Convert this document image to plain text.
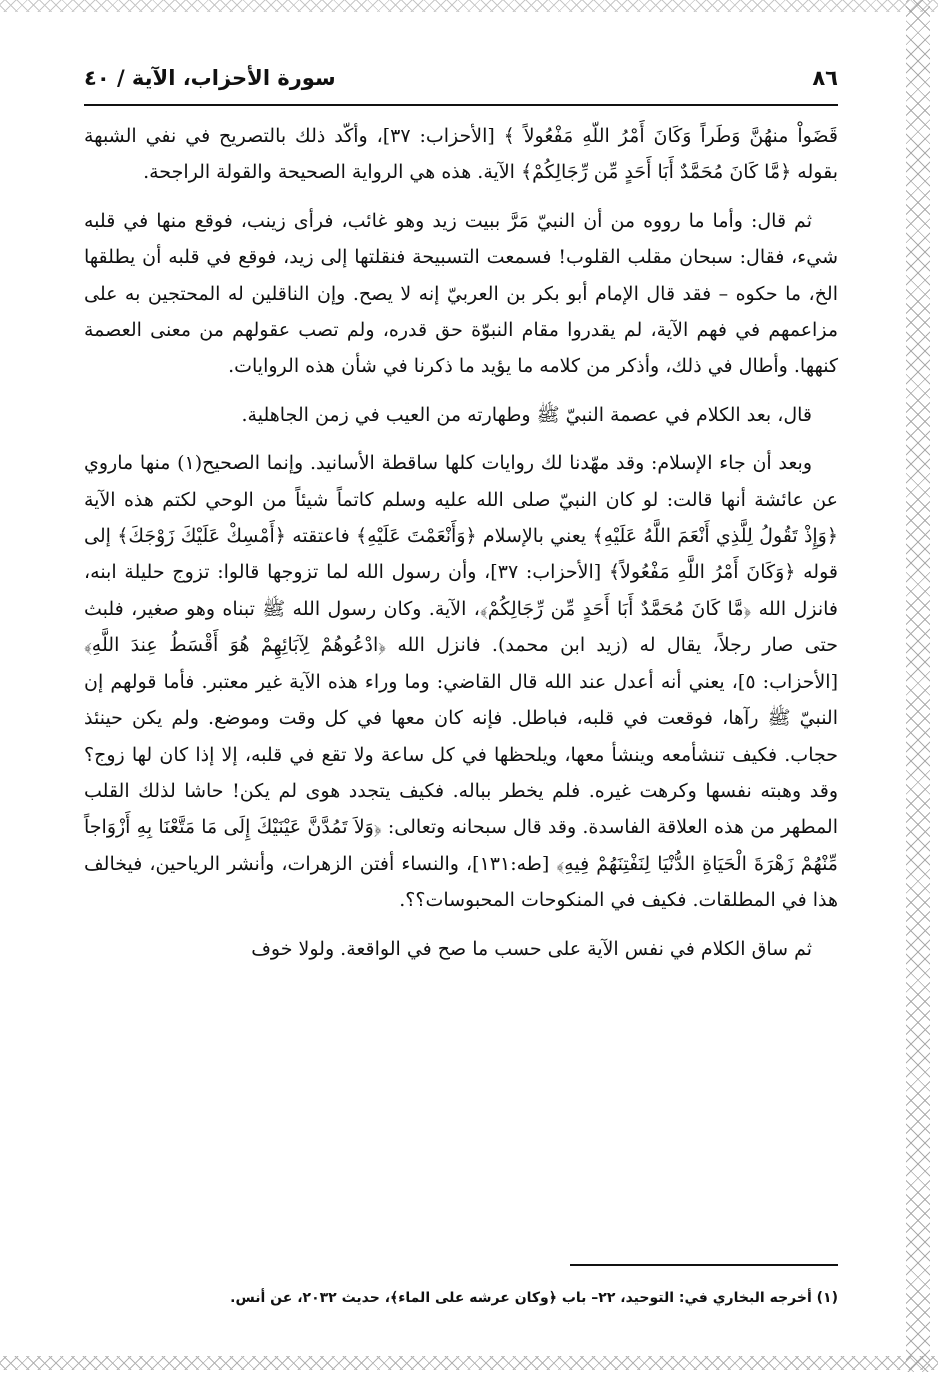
٨٦
سورة الأحزاب، الآية / ٤٠

قَضَواْ منهُنَّ وَطَراً وَكَانَ أَمْرُ اللّهِ مَفْعُولاً ﴾ [الأحزاب: ٣٧]، وأكّد ذلك بالتصريح في نفي الشبهة بقوله ﴿مَّا كَانَ مُحَمَّدٌ أَبَا أَحَدٍ مِّن رِّجَالِكُمْ﴾ الآية. هذه هي الرواية الصحيحة والقولة الراجحة.

ثم قال: وأما ما رووه من أن النبيّ مَرَّ ببيت زيد وهو غائب، فرأى زينب، فوقع منها في قلبه شيء، فقال: سبحان مقلب القلوب! فسمعت التسبيحة فنقلتها إلى زيد، فوقع في قلبه أن يطلقها الخ، ما حكوه – فقد قال الإمام أبو بكر بن العربيّ إنه لا يصح. وإن الناقلين له المحتجين به على مزاعمهم في فهم الآية، لم يقدروا مقام النبوّة حق قدره، ولم تصب عقولهم من معنى العصمة كنهها. وأطال في ذلك، وأذكر من كلامه ما يؤيد ما ذكرنا في شأن هذه الروايات.

قال، بعد الكلام في عصمة النبيّ ﷺ وطهارته من العيب في زمن الجاهلية.

وبعد أن جاء الإسلام: وقد مهّدنا لك روايات كلها ساقطة الأسانيد. وإنما الصحيح(١) منها ماروي عن عائشة أنها قالت: لو كان النبيّ صلى الله عليه وسلم كاتماً شيئاً من الوحي لكتم هذه الآية ﴿وَإِذْ تَقُولُ لِلَّذِي أَنْعَمَ اللَّهُ عَلَيْهِ﴾ يعني بالإسلام ﴿وَأَنْعَمْتَ عَلَيْهِ﴾ فاعتقته ﴿أَمْسِكْ عَلَيْكَ زَوْجَكَ﴾ إلى قوله ﴿وَكَانَ أَمْرُ اللَّهِ مَفْعُولاً﴾ [الأحزاب: ٣٧]، وأن رسول الله لما تزوجها قالوا: تزوج حليلة ابنه، فانزل الله ﴿مَّا كَانَ مُحَمَّدٌ أَبَا أَحَدٍ مِّن رِّجَالِكُمْ﴾، الآية. وكان رسول الله ﷺ تبناه وهو صغير، فلبث حتى صار رجلاً، يقال له (زيد ابن محمد). فانزل الله ﴿ادْعُوهُمْ لِآبَائِهِمْ هُوَ أَقْسَطُ عِندَ اللَّهِ﴾ [الأحزاب: ٥]، يعني أنه أعدل عند الله قال القاضي: وما وراء هذه الآية غير معتبر. فأما قولهم إن النبيّ ﷺ رآها، فوقعت في قلبه، فباطل. فإنه كان معها في كل وقت وموضع. ولم يكن حينئذ حجاب. فكيف تنشأمعه وينشأ معها، ويلحظها في كل ساعة ولا تقع في قلبه، إلا إذا كان لها زوج؟ وقد وهبته نفسها وكرهت غيره. فلم يخطر بباله. فكيف يتجدد هوى لم يكن! حاشا لذلك القلب المطهر من هذه العلاقة الفاسدة. وقد قال سبحانه وتعالى: ﴿وَلاَ تَمُدَّنَّ عَيْنَيْكَ إِلَى مَا مَتَّعْنَا بِهِ أَزْوَاجاً مِّنْهُمْ زَهْرَةَ الْحَيَاةِ الدُّنْيَا لِنَفْتِنَهُمْ فِيهِ﴾ [طه:١٣١]، والنساء أفتن الزهرات، وأنشر الرياحين، فيخالف هذا في المطلقات. فكيف في المنكوحات المحبوسات؟؟.

ثم ساق الكلام في نفس الآية على حسب ما صح في الواقعة. ولولا خوف

(١) أخرجه البخاري في: التوحيد، ٢٢– باب ﴿وكان عرشه على الماء﴾، حديث ٢٠٣٢، عن أنس.
